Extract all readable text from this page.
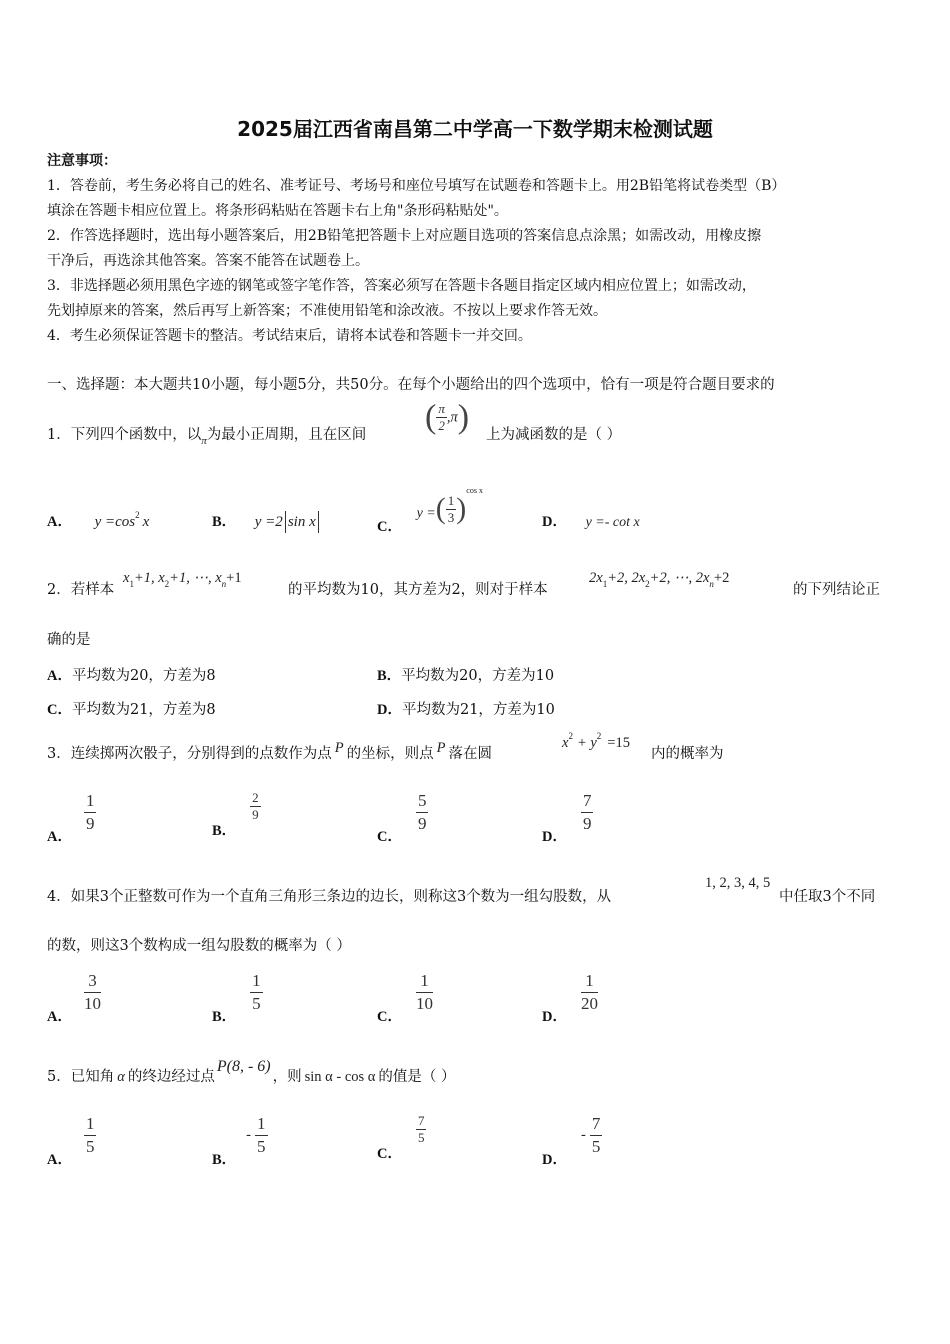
2025届江西省南昌第二中学高一下数学期末检测试题
注意事项：
1．答卷前，考生务必将自己的姓名、准考证号、考场号和座位号填写在试题卷和答题卡上。用2B铅笔将试卷类型（B）
填涂在答题卡相应位置上。将条形码粘贴在答题卡右上角"条形码粘贴处"。
2．作答选择题时，选出每小题答案后，用2B铅笔把答题卡上对应题目选项的答案信息点涂黑；如需改动，用橡皮擦
干净后，再选涂其他答案。答案不能答在试题卷上。
3．非选择题必须用黑色字迹的钢笔或签字笔作答，答案必须写在答题卡各题目指定区域内相应位置上；如需改动，
先划掉原来的答案，然后再写上新答案；不准使用铅笔和涂改液。不按以上要求作答无效。
4．考生必须保证答题卡的整洁。考试结束后，请将本试卷和答题卡一并交回。
一、选择题：本大题共10小题，每小题5分，共50分。在每个小题给出的四个选项中，恰有一项是符合题目要求的
1．下列四个函数中，以$_\pi$为最小正周期，且在区间 ( $\frac{\pi}{2} ,\pi$) 上为减函数的是（ ）
A． $y =\cos^2$ x	B． y =2 sin x	C． y =( $\frac{1}{3} )^{cos x}$
D． y =- cot x
2．若样本
$x_1+1$, $x_2+1$, ⋯, $x_n+1$
的平均数为10，其方差为2，则对于样本
$2x_1+2$, $2x_2+2$, ⋯, $2x_n+2$
的下列结论正
确的是
A．平均数为20，方差为8	B．平均数为20，方差为10
C．平均数为21，方差为8	D．平均数为21，方差为10
3．连续掷两次骰子，分别得到的点数作为点 P 的坐标，则点 P 落在圆
$x^2 + y^2 =15$
内的概率为
A．
$\frac{1}{9}$	B．
$\frac{2}{9}$
C．
$\frac{5}{9}$
D．
$\frac{7}{9}$
4．如果3个正整数可作为一个直角三角形三条边的边长，则称这3个数为一组勾股数，从
1, 2, 3, 4, 5
中任取3个不同
的数，则这3个数构成一组勾股数的概率为（ ）
A．
$\frac{3}{10}$
B．
$\frac{1}{5}$
C．
$\frac{1}{10}$
D．
$\frac{1}{20}$
5．已知角 α 的终边经过点P(8, - 6)，则 sin α - cos α 的值是（ ）
A．
$\frac{1}{5}$
B．- $\frac{1}{5}$	C．
$\frac{7}{5}$
D．- $\frac{7}{5}$
